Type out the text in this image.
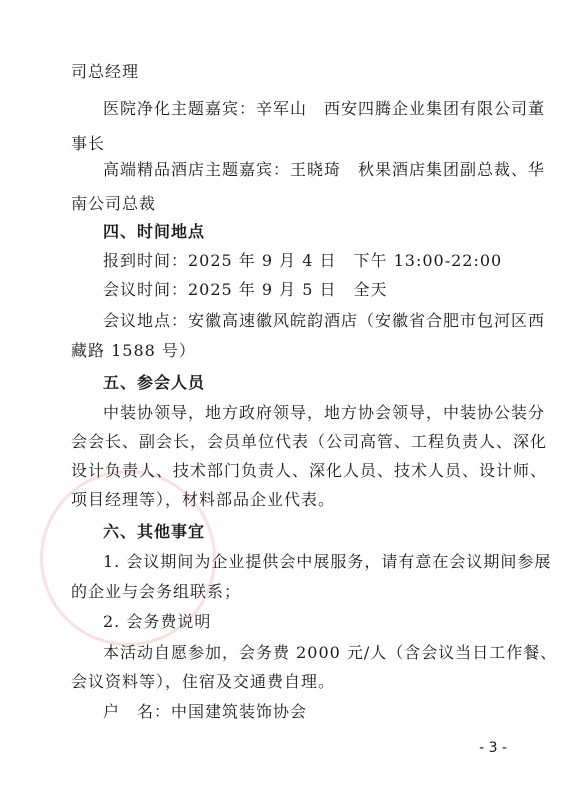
司总经理
医院净化主题嘉宾：辛军山　西安四腾企业集团有限公司董
事长
高端精品酒店主题嘉宾：王晓琦　秋果酒店集团副总裁、华
南公司总裁
四、时间地点
报到时间：2025 年 9 月 4 日　下午 13:00-22:00
会议时间：2025 年 9 月 5 日　全天
会议地点：安徽高速徽风皖韵酒店（安徽省合肥市包河区西
藏路 1588 号）
五、参会人员
中装协领导，地方政府领导，地方协会领导，中装协公装分
会会长、副会长，会员单位代表（公司高管、工程负责人、深化
设计负责人、技术部门负责人、深化人员、技术人员、设计师、
项目经理等），材料部品企业代表。
六、其他事宜
1. 会议期间为企业提供会中展服务，请有意在会议期间参展
的企业与会务组联系；
2. 会务费说明
本活动自愿参加，会务费 2000 元/人（含会议当日工作餐、
会议资料等），住宿及交通费自理。
户　名：中国建筑装饰协会
- 3 -
